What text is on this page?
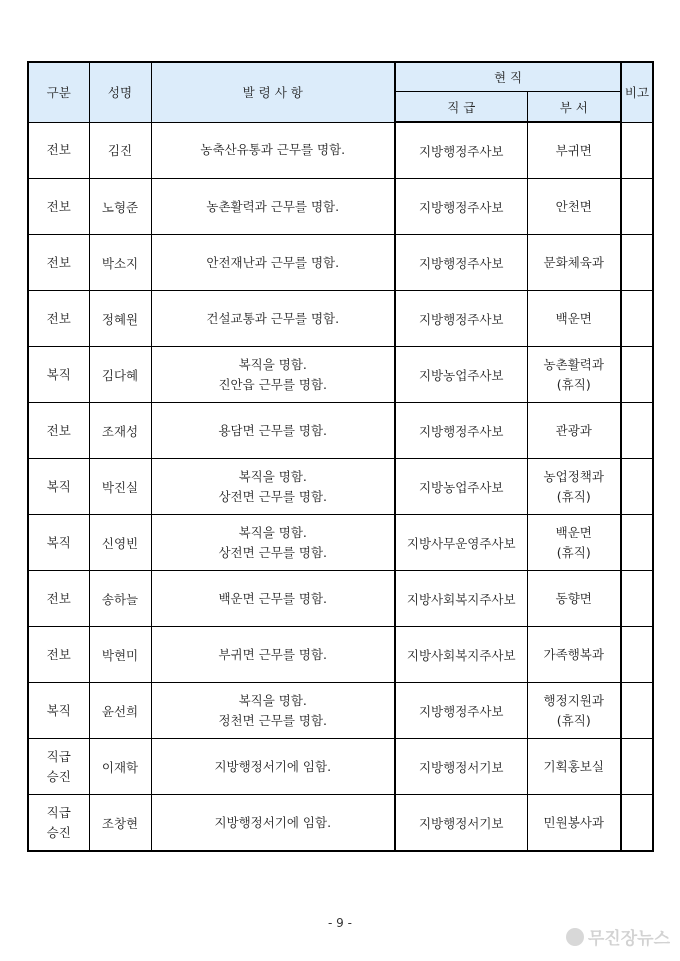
구분	성명	발 령 사 항	현 직		비고
			직 급	부 서	

전보	김진	농축산유통과 근무를 명함.	지방행정주사보	부귀면	

전보	노형준	농촌활력과 근무를 명함.	지방행정주사보	안천면	

전보	박소지	안전재난과 근무를 명함.	지방행정주사보	문화체육과	

전보	정혜원	건설교통과 근무를 명함.	지방행정주사보	백운면	

복직	김다혜	복직을 명함.
진안읍 근무를 명함.	지방농업주사보	농촌활력과
(휴직)	

전보	조재성	용담면 근무를 명함.	지방행정주사보	관광과	

복직	박진실	복직을 명함.
상전면 근무를 명함.	지방농업주사보	농업정책과
(휴직)	

복직	신영빈	복직을 명함.
상전면 근무를 명함.	지방사무운영주사보	백운면
(휴직)	

전보	송하늘	백운면 근무를 명함.	지방사회복지주사보	동향면	

전보	박현미	부귀면 근무를 명함.	지방사회복지주사보	가족행복과	

복직	윤선희	복직을 명함.
정천면 근무를 명함.	지방행정주사보	행정지원과
(휴직)	

직급
승진	이재학	지방행정서기에 임함.	지방행정서기보	기획홍보실	

직급
승진	조창현	지방행정서기에 임함.	지방행정서기보	민원봉사과	

- 9 -
무진장뉴스
